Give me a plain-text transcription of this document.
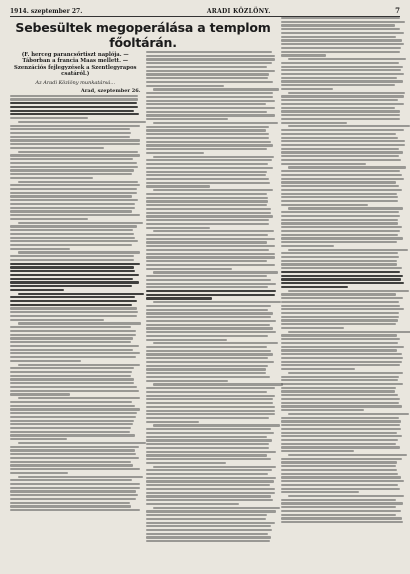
1914. szeptember 27.	ARADI KÖZLÖNY.	7
Sebesültek megoperálása a templom főoltárán.
(F. herceg parancsőrtiszt naplója. — Táborban a francia Maas mellett. — Szenzációs fejlegyzések a Szentlegyrapos csatáról.)
Az Aradi Közlöny munkatársá...
Arad, szeptember 26.
